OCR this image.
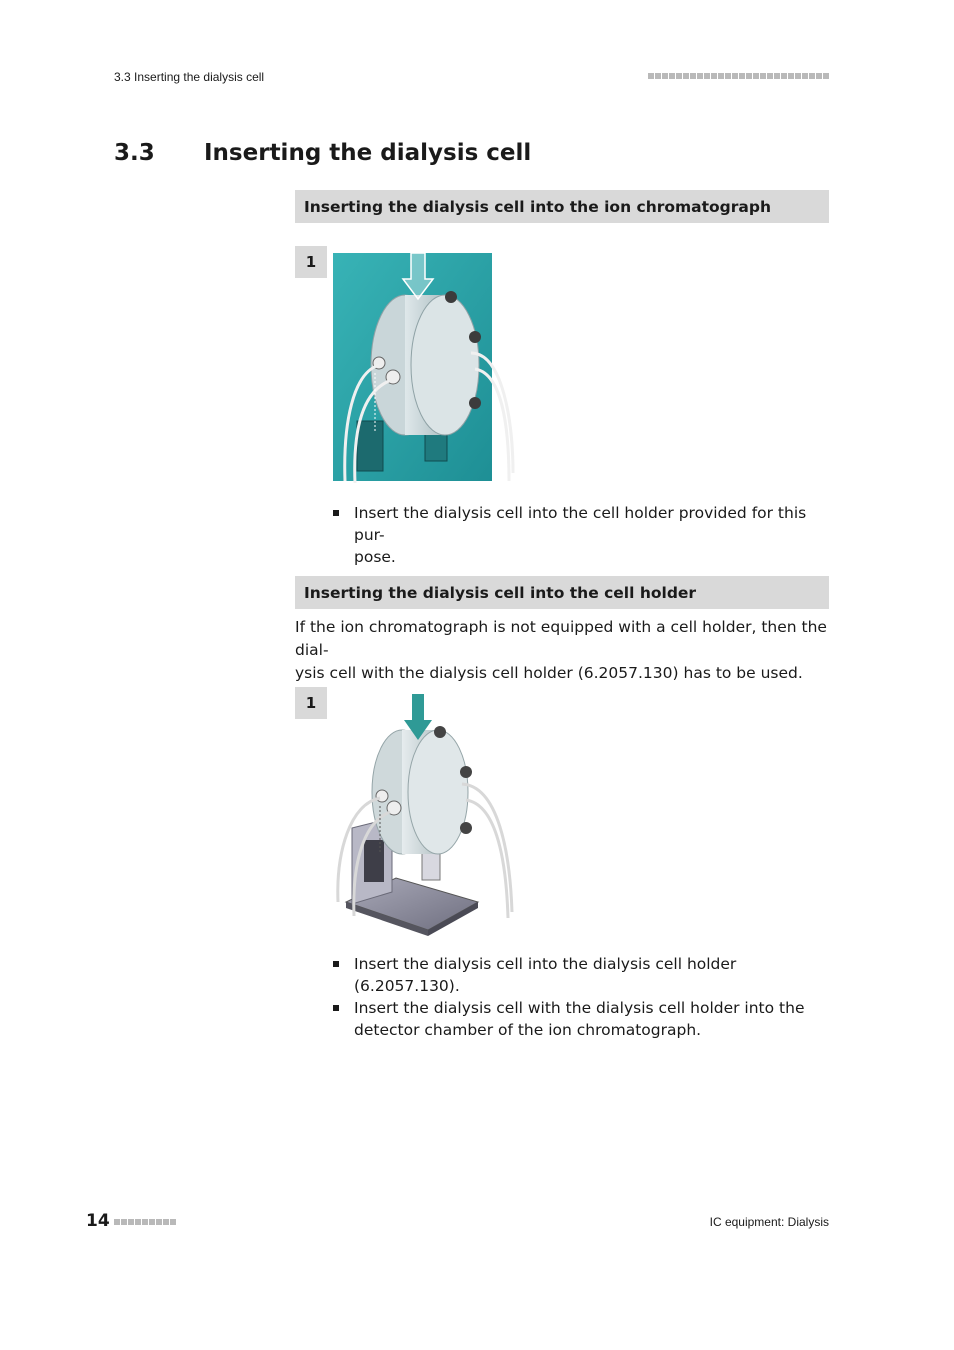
3.3 Inserting the dialysis cell
3.3 Inserting the dialysis cell
Inserting the dialysis cell into the ion chromatograph
1
Insert the dialysis cell into the cell holder provided for this pur-
pose.
Inserting the dialysis cell into the cell holder
If the ion chromatograph is not equipped with a cell holder, then the dial-
ysis cell with the dialysis cell holder (6.2057.130) has to be used.
1
Insert the dialysis cell into the dialysis cell holder (6.2057.130).
Insert the dialysis cell with the dialysis cell holder into the detector chamber of the ion chromatograph.
14	IC equipment: Dialysis
